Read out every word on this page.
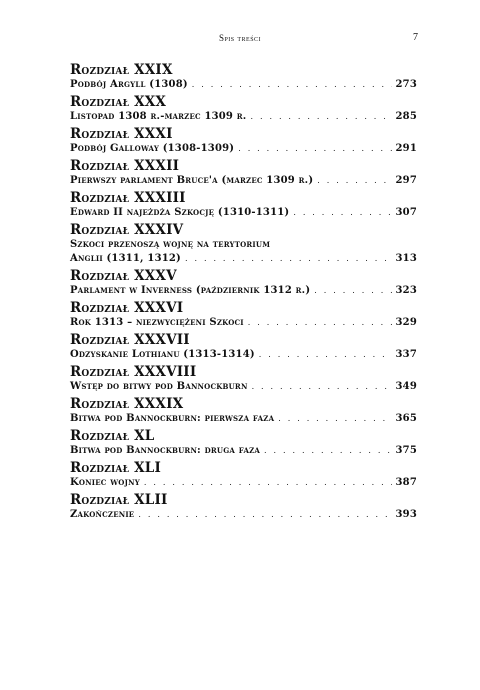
Spis treści	7
Rozdział XXIX
Podbój Argyll (1308) . . .	273
Rozdział XXX
Listopad 1308 r.-marzec 1309 r. . . .	285
Rozdział XXXI
Podbój Galloway (1308-1309) . . .	291
Rozdział XXXII
Pierwszy parlament Bruce'a (marzec 1309 r.) . . .	297
Rozdział XXXIII
Edward II najeżdża Szkocję (1310-1311) . . .	307
Rozdział XXXIV
Szkoci przenoszą wojnę na terytorium
Anglii (1311, 1312) . . .	313
Rozdział XXXV
Parlament w Inverness (październik 1312 r.) . . .	323
Rozdział XXXVI
Rok 1313 – niezwyciężeni Szkoci . . .	329
Rozdział XXXVII
Odzyskanie Lothianu (1313-1314) . . .	337
Rozdział XXXVIII
Wstęp do bitwy pod Bannockburn . . .	349
Rozdział XXXIX
Bitwa pod Bannockburn: pierwsza faza . . .	365
Rozdział XL
Bitwa pod Bannockburn: druga faza . . .	375
Rozdział XLI
Koniec wojny . . .	387
Rozdział XLII
Zakończenie . . .	393
